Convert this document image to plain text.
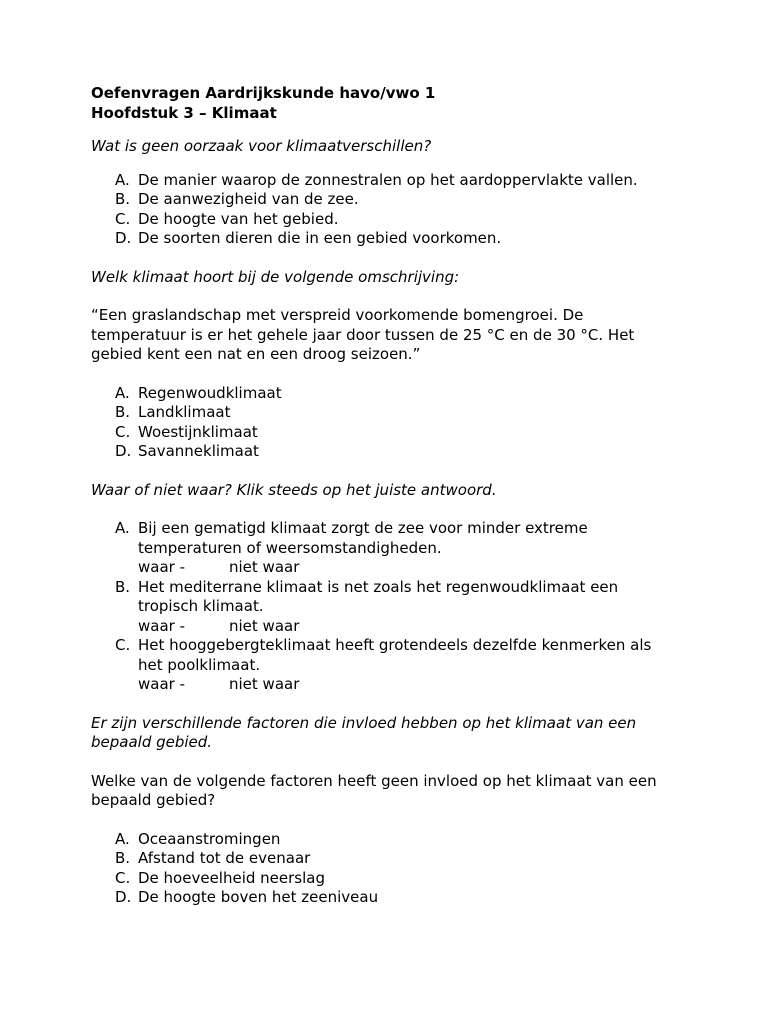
Oefenvragen Aardrijkskunde havo/vwo 1

Hoofdstuk 3 – Klimaat

Wat is geen oorzaak voor klimaatverschillen?

A. De manier waarop de zonnestralen op het aardoppervlakte vallen.
B. De aanwezigheid van de zee.
C. De hoogte van het gebied.
D. De soorten dieren die in een gebied voorkomen.

Welk klimaat hoort bij de volgende omschrijving:

“Een graslandschap met verspreid voorkomende bomengroei. De

temperatuur is er het gehele jaar door tussen de 25 °C en de 30 °C. Het

gebied kent een nat en een droog seizoen.”

A. Regenwoudklimaat
B. Landklimaat
C. Woestijnklimaat
D. Savanneklimaat

Waar of niet waar? Klik steeds op het juiste antwoord.

A. Bij een gematigd klimaat zorgt de zee voor minder extreme
temperaturen of weersomstandigheden.
waar -	niet waar
B. Het mediterrane klimaat is net zoals het regenwoudklimaat een
tropisch klimaat.
waar -	niet waar
C. Het hooggebergteklimaat heeft grotendeels dezelfde kenmerken als
het poolklimaat.
waar -	niet waar

Er zijn verschillende factoren die invloed hebben op het klimaat van een

bepaald gebied.

Welke van de volgende factoren heeft geen invloed op het klimaat van een

bepaald gebied?

A. Oceaanstromingen
B. Afstand tot de evenaar
C. De hoeveelheid neerslag
D. De hoogte boven het zeeniveau
